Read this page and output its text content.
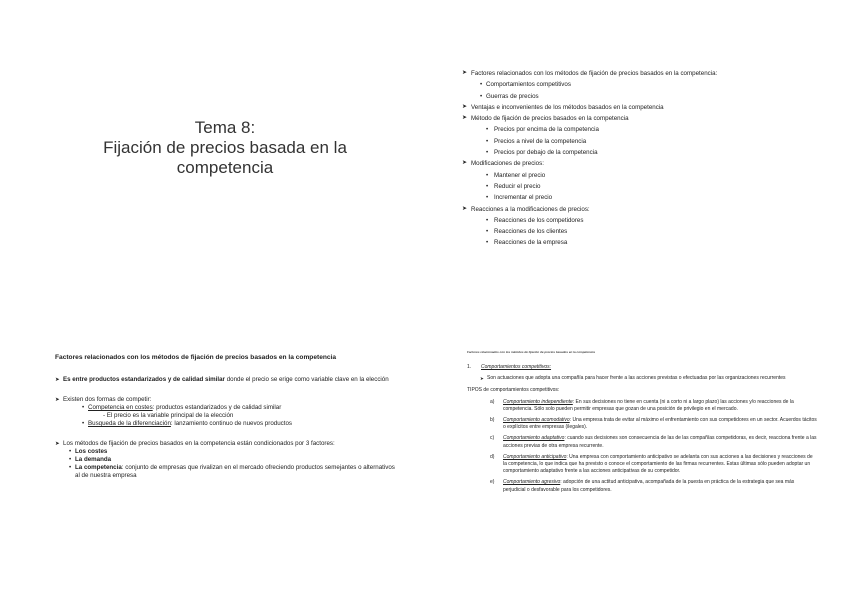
Tema 8:
Fijación de precios basada en la
competencia
➤ Factores relacionados con los métodos de fijación de precios basados en la competencia:
• Comportamientos competitivos
• Guerras de precios
➤ Ventajas e inconvenientes de los métodos basados en la competencia
➤ Método de fijación de precios basados en la competencia
• Precios por encima de la competencia
• Precios a nivel de la competencia
• Precios por debajo de la competencia
➤ Modificaciones de precios:
• Mantener el precio
• Reducir el precio
• Incrementar el precio
➤ Reacciones a la modificaciones de precios:
• Reacciones de los competidores
• Reacciones de los clientes
• Reacciones de la empresa
Factores relacionados con los métodos de fijación de precios basados en la competencia
➤ Es entre productos estandarizados y de calidad similar donde el precio se erige como variable clave en la elección
➤ Existen dos formas de competir:
• Competencia en costes: productos estandarizados y de calidad similar
- El precio es la variable principal de la elección
• Busqueda de la diferenciación: lanzamiento continuo de nuevos productos
➤ Los métodos de fijación de precios basados en la competencia están condicionados por 3 factores:
• Los costes
• La demanda
• La competencia: conjunto de empresas que rivalizan en el mercado ofreciendo productos semejantes o alternativos al de nuestra empresa
Factores relacionados con los métodos de fijación de precios basados en la competencia
1. Comportamientos competitivos:
➤ Son actuaciones que adopta una compañía para hacer frente a las acciones previstas o efectuadas por las organizaciones recurrentes
TIPOS de comportamientos competitivos:
a) Comportamiento independiente: En sus decisiones no tiene en cuenta (ni a corto ni a largo plazo) las acciones y/o reacciones de la competencia. Sólo solo pueden permitir empresas que gozan de una posición de privilegio en el mercado.
b) Comportamiento acomodativo: Una empresa trata de evitar al máximo el enfrentamiento con sus competidores en un sector. Acuerdos tácitos o explícitos entre empresas (ilegales).
c) Comportamiento adaptativo: cuando sus decisiones son consecuencia de las de las compañías competidoras, es decir, reacciona frente a las acciones previas de otra empresa recurrente.
d) Comportamiento anticipativo: Una empresa con comportamiento anticipativo se adelanta con sus acciones a las decisiones y reacciones de la competencia, lo que indica que ha previsto o conoce el comportamiento de las firmas recurrentes. Estas últimas sólo pueden adoptar un comportamiento adaptativo frente a las acciones anticipativas de su competidor.
e) Comportamiento agresivo: adopción de una actitud anticipativa, acompañada de la puesta en práctica de la estrategia que sea más perjudicial o desfavorable para los competidores.
